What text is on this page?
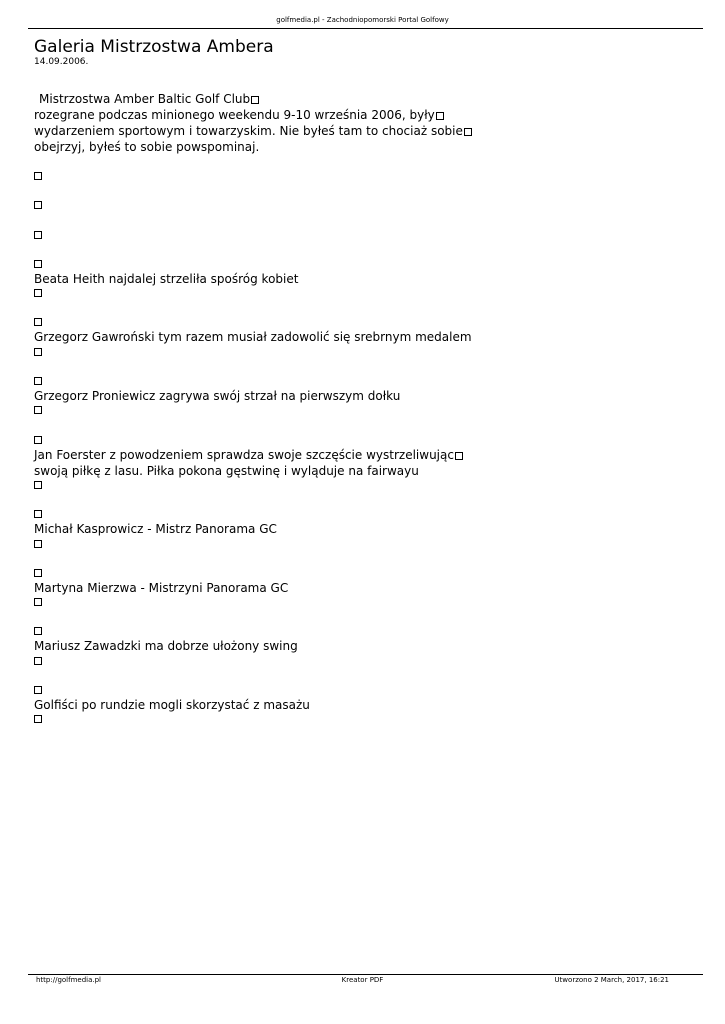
golfmedia.pl - Zachodniopomorski Portal Golfowy
Galeria Mistrzostwa Ambera
14.09.2006.
Mistrzostwa Amber Baltic Golf Club
rozegrane podczas minionego weekendu 9-10 września 2006, były
wydarzeniem sportowym i towarzyskim. Nie byłeś tam to chociaż sobie
obejrzyj, byłeś to sobie powspominaj.
Beata Heith najdalej strzeliła spośróg kobiet
Grzegorz Gawroński tym razem musiał zadowolić się srebrnym medalem
Grzegorz Proniewicz zagrywa swój strzał na pierwszym dołku
Jan Foerster z powodzeniem sprawdza swoje szczęście wystrzeliwując
swoją piłkę z lasu. Piłka pokona gęstwinę i wyląduje na fairwayu
Michał Kasprowicz - Mistrz Panorama GC
Martyna Mierzwa - Mistrzyni Panorama GC
Mariusz Zawadzki ma dobrze ułożony swing
Golfiści po rundzie mogli skorzystać z masażu
http://golfmedia.pl	Kreator PDF	Utworzono 2 March, 2017, 16:21
